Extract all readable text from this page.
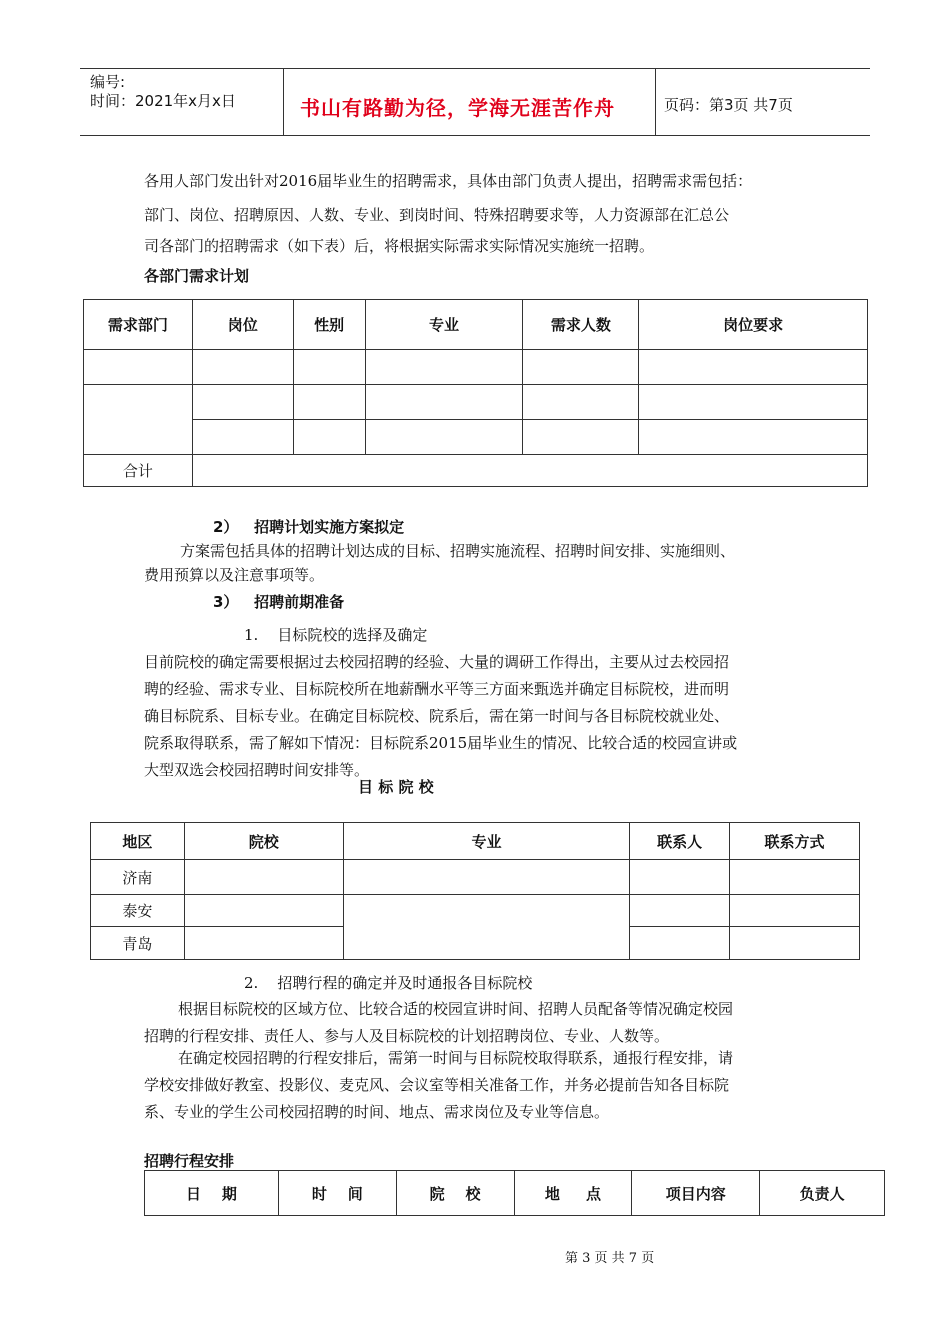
编号:
时间：2021年x月x日	书山有路勤为径，学海无涯苦作舟	页码：第3页 共7页

各用人部门发出针对2016届毕业生的招聘需求，具体由部门负责人提出，招聘需求需包括：

部门、岗位、招聘原因、人数、专业、到岗时间、特殊招聘要求等，人力资源部在汇总公

司各部门的招聘需求（如下表）后，将根据实际需求实际情况实施统一招聘。

各部门需求计划
需求部门	岗位	性别	专业	需求人数	岗位要求

合计					
2）   招聘计划实施方案拟定

方案需包括具体的招聘计划达成的目标、招聘实施流程、招聘时间安排、实施细则、

费用预算以及注意事项等。

3）   招聘前期准备
1.    目标院校的选择及确定

目前院校的确定需要根据过去校园招聘的经验、大量的调研工作得出，主要从过去校园招

聘的经验、需求专业、目标院校所在地薪酬水平等三方面来甄选并确定目标院校，进而明

确目标院系、目标专业。在确定目标院校、院系后，需在第一时间与各目标院校就业处、

院系取得联系，需了解如下情况：目标院系2015届毕业生的情况、比较合适的校园宣讲或

大型双选会校园招聘时间安排等。

目 标 院 校
地区	院校	专业	联系人	联系方式
济南				
泰安				
青岛				
2.    招聘行程的确定并及时通报各目标院校

根据目标院校的区域方位、比较合适的校园宣讲时间、招聘人员配备等情况确定校园

招聘的行程安排、责任人、参与人及目标院校的计划招聘岗位、专业、人数等。

在确定校园招聘的行程安排后，需第一时间与目标院校取得联系，通报行程安排，请

学校安排做好教室、投影仪、麦克风、会议室等相关准备工作，并务必提前告知各目标院

系、专业的学生公司校园招聘的时间、地点、需求岗位及专业等信息。

招聘行程安排
日    期	时    间	院    校	地     点	项目内容	负责人
第 3 页 共 7 页
